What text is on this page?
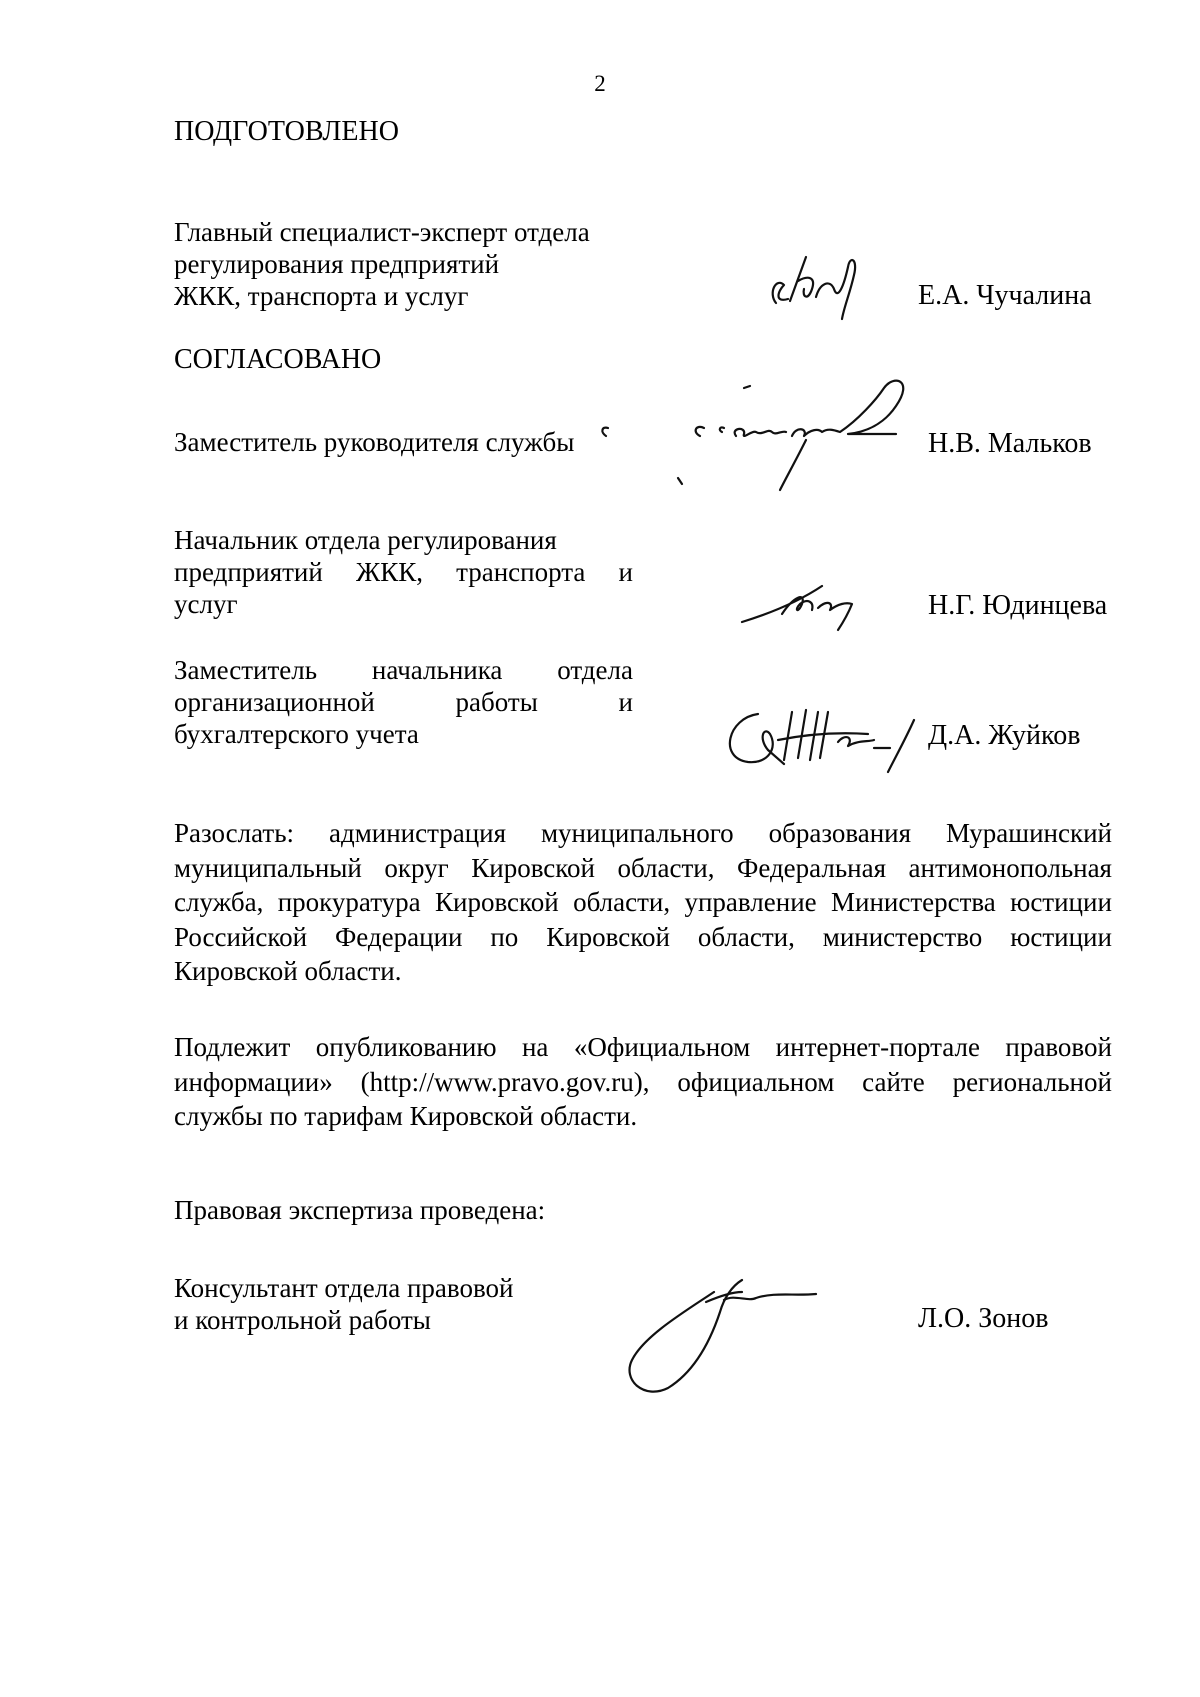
2
ПОДГОТОВЛЕНО
Главный специалист-эксперт отдела
регулирования предприятий
ЖКК, транспорта и услуг	Е.А. Чучалина
СОГЛАСОВАНО
Заместитель руководителя службы	Н.В. Мальков
Начальник отдела регулирования
предприятий ЖКК, транспорта и
услуг	Н.Г. Юдинцева
Заместитель начальника отдела
организационной	работы	и
бухгалтерского учета	Д.А. Жуйков
Разослать: администрация муниципального образования Мурашинский
муниципальный округ Кировской области, Федеральная антимонопольная
служба, прокуратура Кировской области, управление Министерства юстиции
Российской Федерации по Кировской области, министерство юстиции
Кировской области.
Подлежит опубликованию на «Официальном интернет-портале правовой
информации» (http://www.pravo.gov.ru), официальном сайте региональной
службы по тарифам Кировской области.
Правовая экспертиза проведена:
Консультант отдела правовой
и контрольной работы	Л.О. Зонов
